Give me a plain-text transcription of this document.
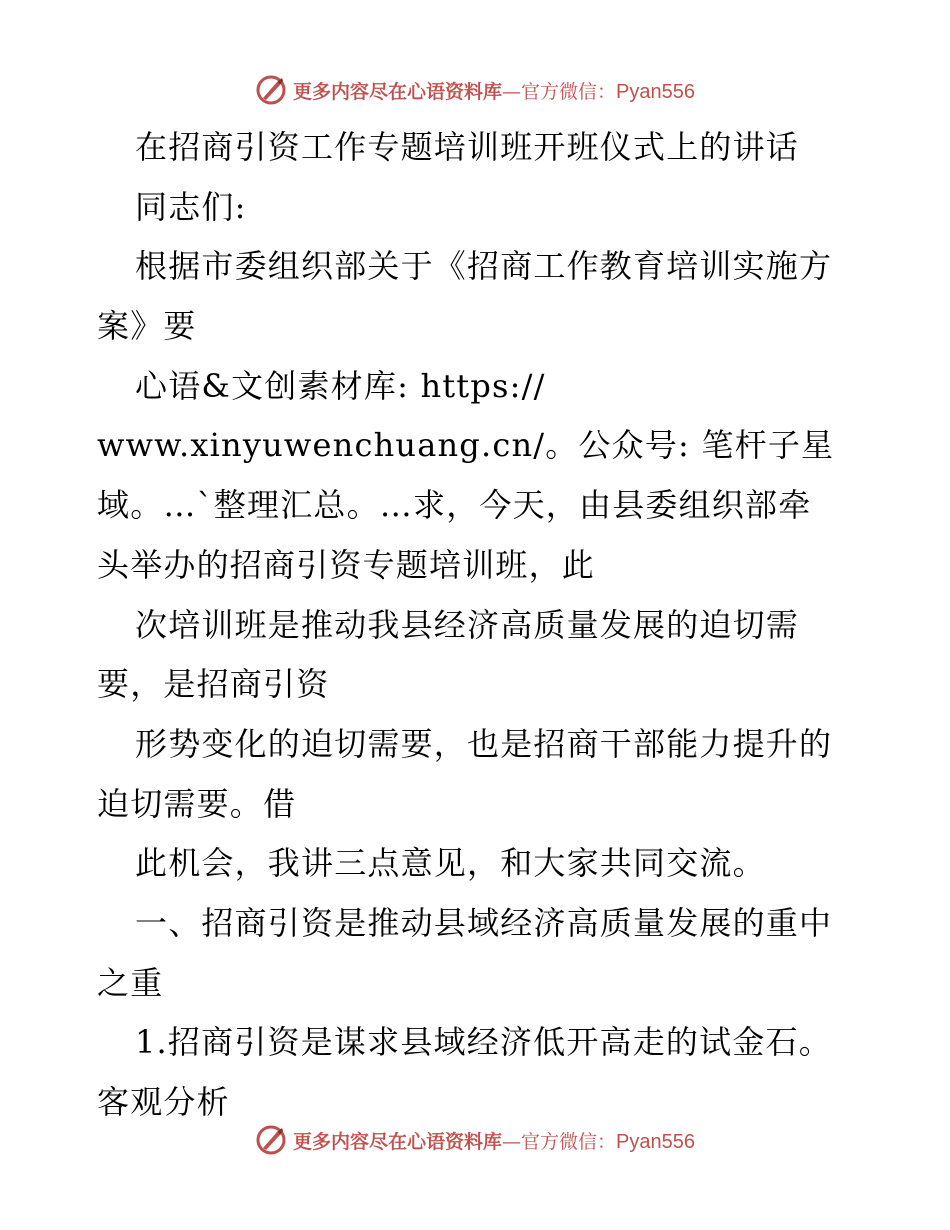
更多内容尽在心语资料库—官方微信：Pyan556
在招商引资工作专题培训班开班仪式上的讲话
同志们:
根据市委组织部关于《招商工作教育培训实施方
案》要
心语&文创素材库: https://
www.xinyuwenchuang.cn/。公众号: 笔杆子星
域。…`整理汇总。…求，今天，由县委组织部牵
头举办的招商引资专题培训班，此
次培训班是推动我县经济高质量发展的迫切需
要，是招商引资
形势变化的迫切需要，也是招商干部能力提升的
迫切需要。借
此机会，我讲三点意见，和大家共同交流。
一、招商引资是推动县域经济高质量发展的重中
之重
1.招商引资是谋求县域经济低开高走的试金石。
客观分析
更多内容尽在心语资料库—官方微信：Pyan556
